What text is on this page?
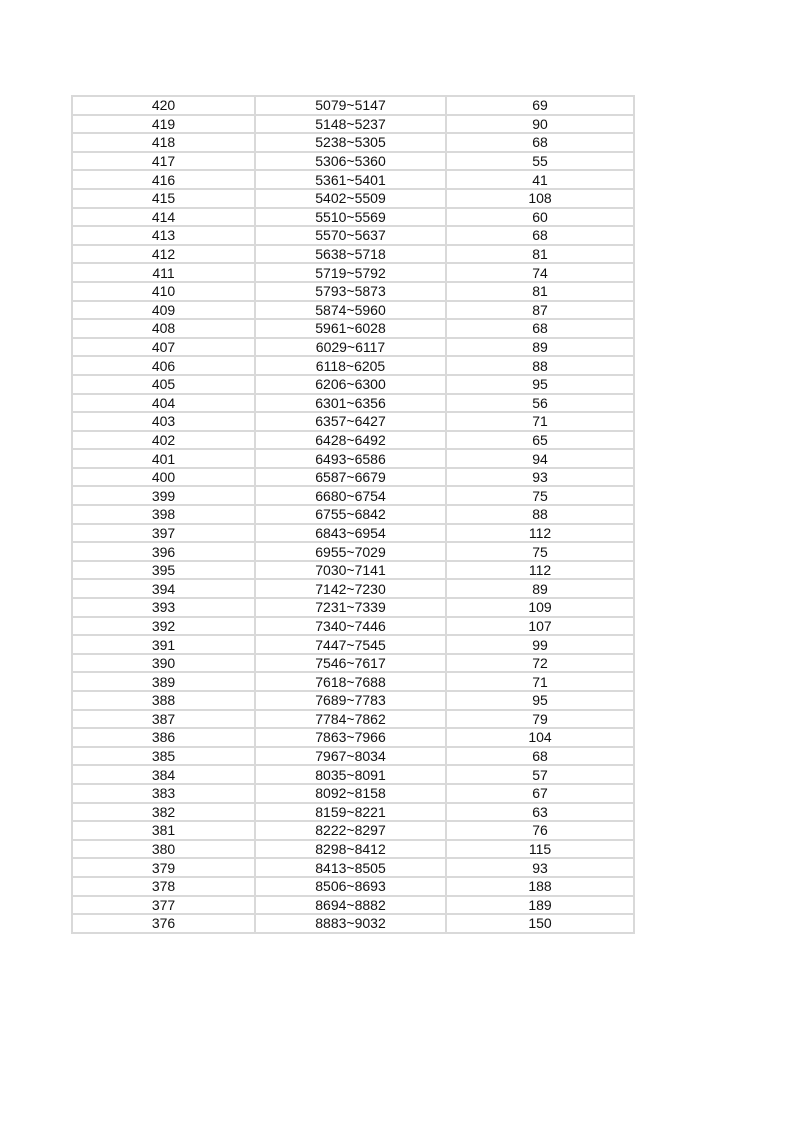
420	5079~5147	69
419	5148~5237	90
418	5238~5305	68
417	5306~5360	55
416	5361~5401	41
415	5402~5509	108
414	5510~5569	60
413	5570~5637	68
412	5638~5718	81
411	5719~5792	74
410	5793~5873	81
409	5874~5960	87
408	5961~6028	68
407	6029~6117	89
406	6118~6205	88
405	6206~6300	95
404	6301~6356	56
403	6357~6427	71
402	6428~6492	65
401	6493~6586	94
400	6587~6679	93
399	6680~6754	75
398	6755~6842	88
397	6843~6954	112
396	6955~7029	75
395	7030~7141	112
394	7142~7230	89
393	7231~7339	109
392	7340~7446	107
391	7447~7545	99
390	7546~7617	72
389	7618~7688	71
388	7689~7783	95
387	7784~7862	79
386	7863~7966	104
385	7967~8034	68
384	8035~8091	57
383	8092~8158	67
382	8159~8221	63
381	8222~8297	76
380	8298~8412	115
379	8413~8505	93
378	8506~8693	188
377	8694~8882	189
376	8883~9032	150
